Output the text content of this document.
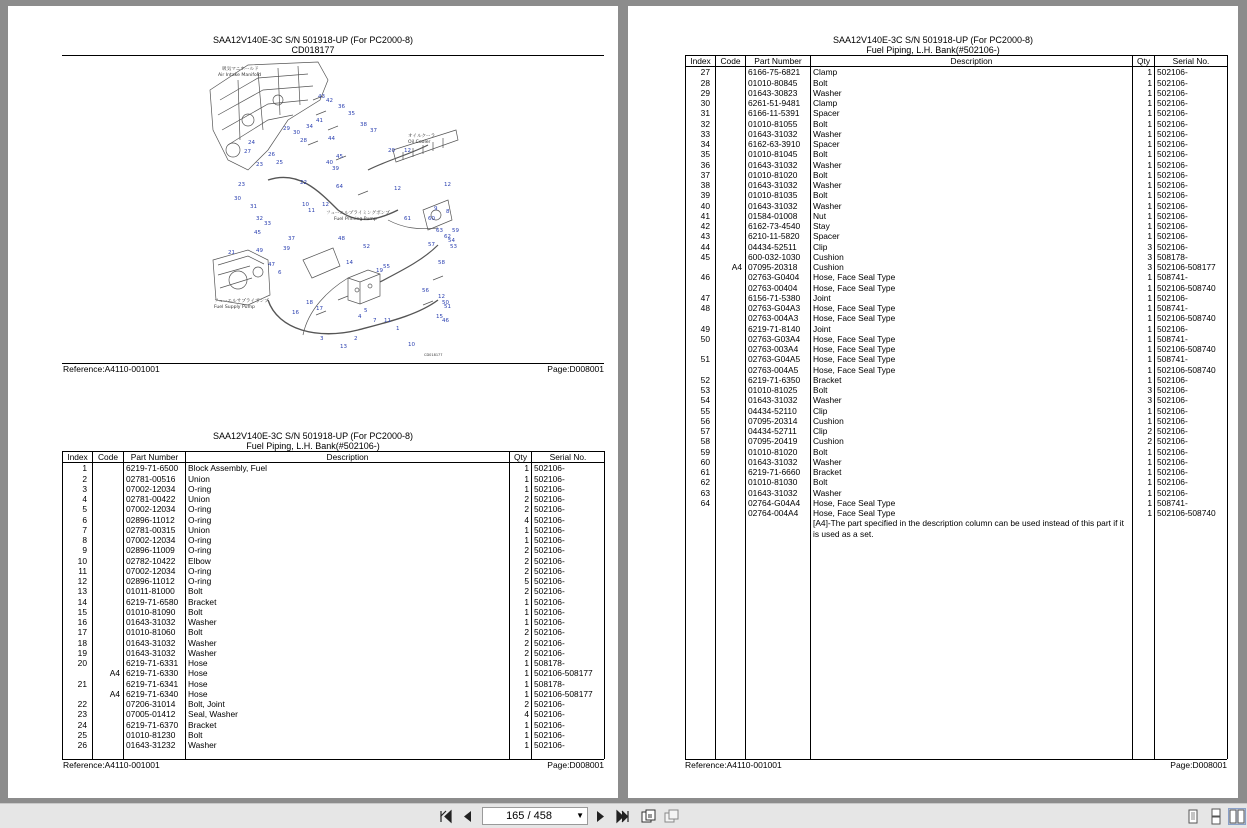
SAA12V140E-3C S/N 501918-UP (For PC2000-8)
CD018177
吸気マニホールド
Air Intake Manifold
オイルクーラ
Oil Cooler
フューエルプライミングポンプ
Fuel Priming Pump
フューエルサプライポンプ
Fuel Supply Pump
CD018177
43
42
36
35
41
34
29
30
38
37
24	28	44
45
27	26
25
20 12
23	40
39
22
23
12
12
30
31
64
12
33
32
10
11	9
61
8
60
45	59
63
62
57
54
53
21	49
48
52
6
47	55
58
19
14
56
51
50
16
18
17	5
4
7 11
12
46
3	2
13	10
15
1
39
37
Reference:A4110-001001	Page:D008001
SAA12V140E-3C S/N 501918-UP (For PC2000-8)
Fuel Piping, L.H. Bank(#502106-)
Index	Code	Part Number	Description	Qty	Serial No.
1		6219-71-6500	Block Assembly, Fuel	1	502106-
2		02781-00516	Union	1	502106-
3		07002-12034	O-ring	1	502106-
4		02781-00422	Union	2	502106-
5		07002-12034	O-ring	2	502106-
6		02896-11012	O-ring	4	502106-
7		02781-00315	Union	1	502106-
8		07002-12034	O-ring	1	502106-
9		02896-11009	O-ring	2	502106-
10		02782-10422	Elbow	2	502106-
11		07002-12034	O-ring	2	502106-
12		02896-11012	O-ring	5	502106-
13		01011-81000	Bolt	2	502106-
14		6219-71-6580	Bracket	1	502106-
15		01010-81090	Bolt	1	502106-
16		01643-31032	Washer	1	502106-
17		01010-81060	Bolt	2	502106-
18		01643-31032	Washer	2	502106-
19		01643-31032	Washer	2	502106-
20		6219-71-6331	Hose	1	508178-
	A4	6219-71-6330	Hose	1	502106-508177
21		6219-71-6341	Hose	1	508178-
	A4	6219-71-6340	Hose	1	502106-508177
22		07206-31014	Bolt, Joint	2	502106-
23		07005-01412	Seal, Washer	4	502106-
24		6219-71-6370	Bracket	1	502106-
25		01010-81230	Bolt	1	502106-
26		01643-31232	Washer	1	502106-

Reference:A4110-001001	Page:D008001
SAA12V140E-3C S/N 501918-UP (For PC2000-8)
Fuel Piping, L.H. Bank(#502106-)
Index	Code	Part Number	Description	Qty	Serial No.
27		6166-75-6821	Clamp	1	502106-
28		01010-80845	Bolt	1	502106-
29		01643-30823	Washer	1	502106-
30		6261-51-9481	Clamp	1	502106-
31		6166-11-5391	Spacer	1	502106-
32		01010-81055	Bolt	1	502106-
33		01643-31032	Washer	1	502106-
34		6162-63-3910	Spacer	1	502106-
35		01010-81045	Bolt	1	502106-
36		01643-31032	Washer	1	502106-
37		01010-81020	Bolt	1	502106-
38		01643-31032	Washer	1	502106-
39		01010-81035	Bolt	1	502106-
40		01643-31032	Washer	1	502106-
41		01584-01008	Nut	1	502106-
42		6162-73-4540	Stay	1	502106-
43		6210-11-5820	Spacer	1	502106-
44		04434-52511	Clip	3	502106-
45		600-032-1030	Cushion	3	508178-
	A4	07095-20318	Cushion	3	502106-508177
46		02763-G0404	Hose, Face Seal Type	1	508741-
		02763-00404	Hose, Face Seal Type	1	502106-508740
47		6156-71-5380	Joint	1	502106-
48		02763-G04A3	Hose, Face Seal Type	1	508741-
		02763-004A3	Hose, Face Seal Type	1	502106-508740
49		6219-71-8140	Joint	1	502106-
50		02763-G03A4	Hose, Face Seal Type	1	508741-
		02763-003A4	Hose, Face Seal Type	1	502106-508740
51		02763-G04A5	Hose, Face Seal Type	1	508741-
		02763-004A5	Hose, Face Seal Type	1	502106-508740
52		6219-71-6350	Bracket	1	502106-
53		01010-81025	Bolt	3	502106-
54		01643-31032	Washer	3	502106-
55		04434-52110	Clip	1	502106-
56		07095-20314	Cushion	1	502106-
57		04434-52711	Clip	2	502106-
58		07095-20419	Cushion	2	502106-
59		01010-81020	Bolt	1	502106-
60		01643-31032	Washer	1	502106-
61		6219-71-6660	Bracket	1	502106-
62		01010-81030	Bolt	1	502106-
63		01643-31032	Washer	1	502106-
64		02764-G04A4	Hose, Face Seal Type	1	508741-
		02764-004A4	Hose, Face Seal Type	1	502106-508740
			[A4]-The part specified in the description column can be used instead of this part if it is used as a set.		

Reference:A4110-001001	Page:D008001
165 / 458	▼
